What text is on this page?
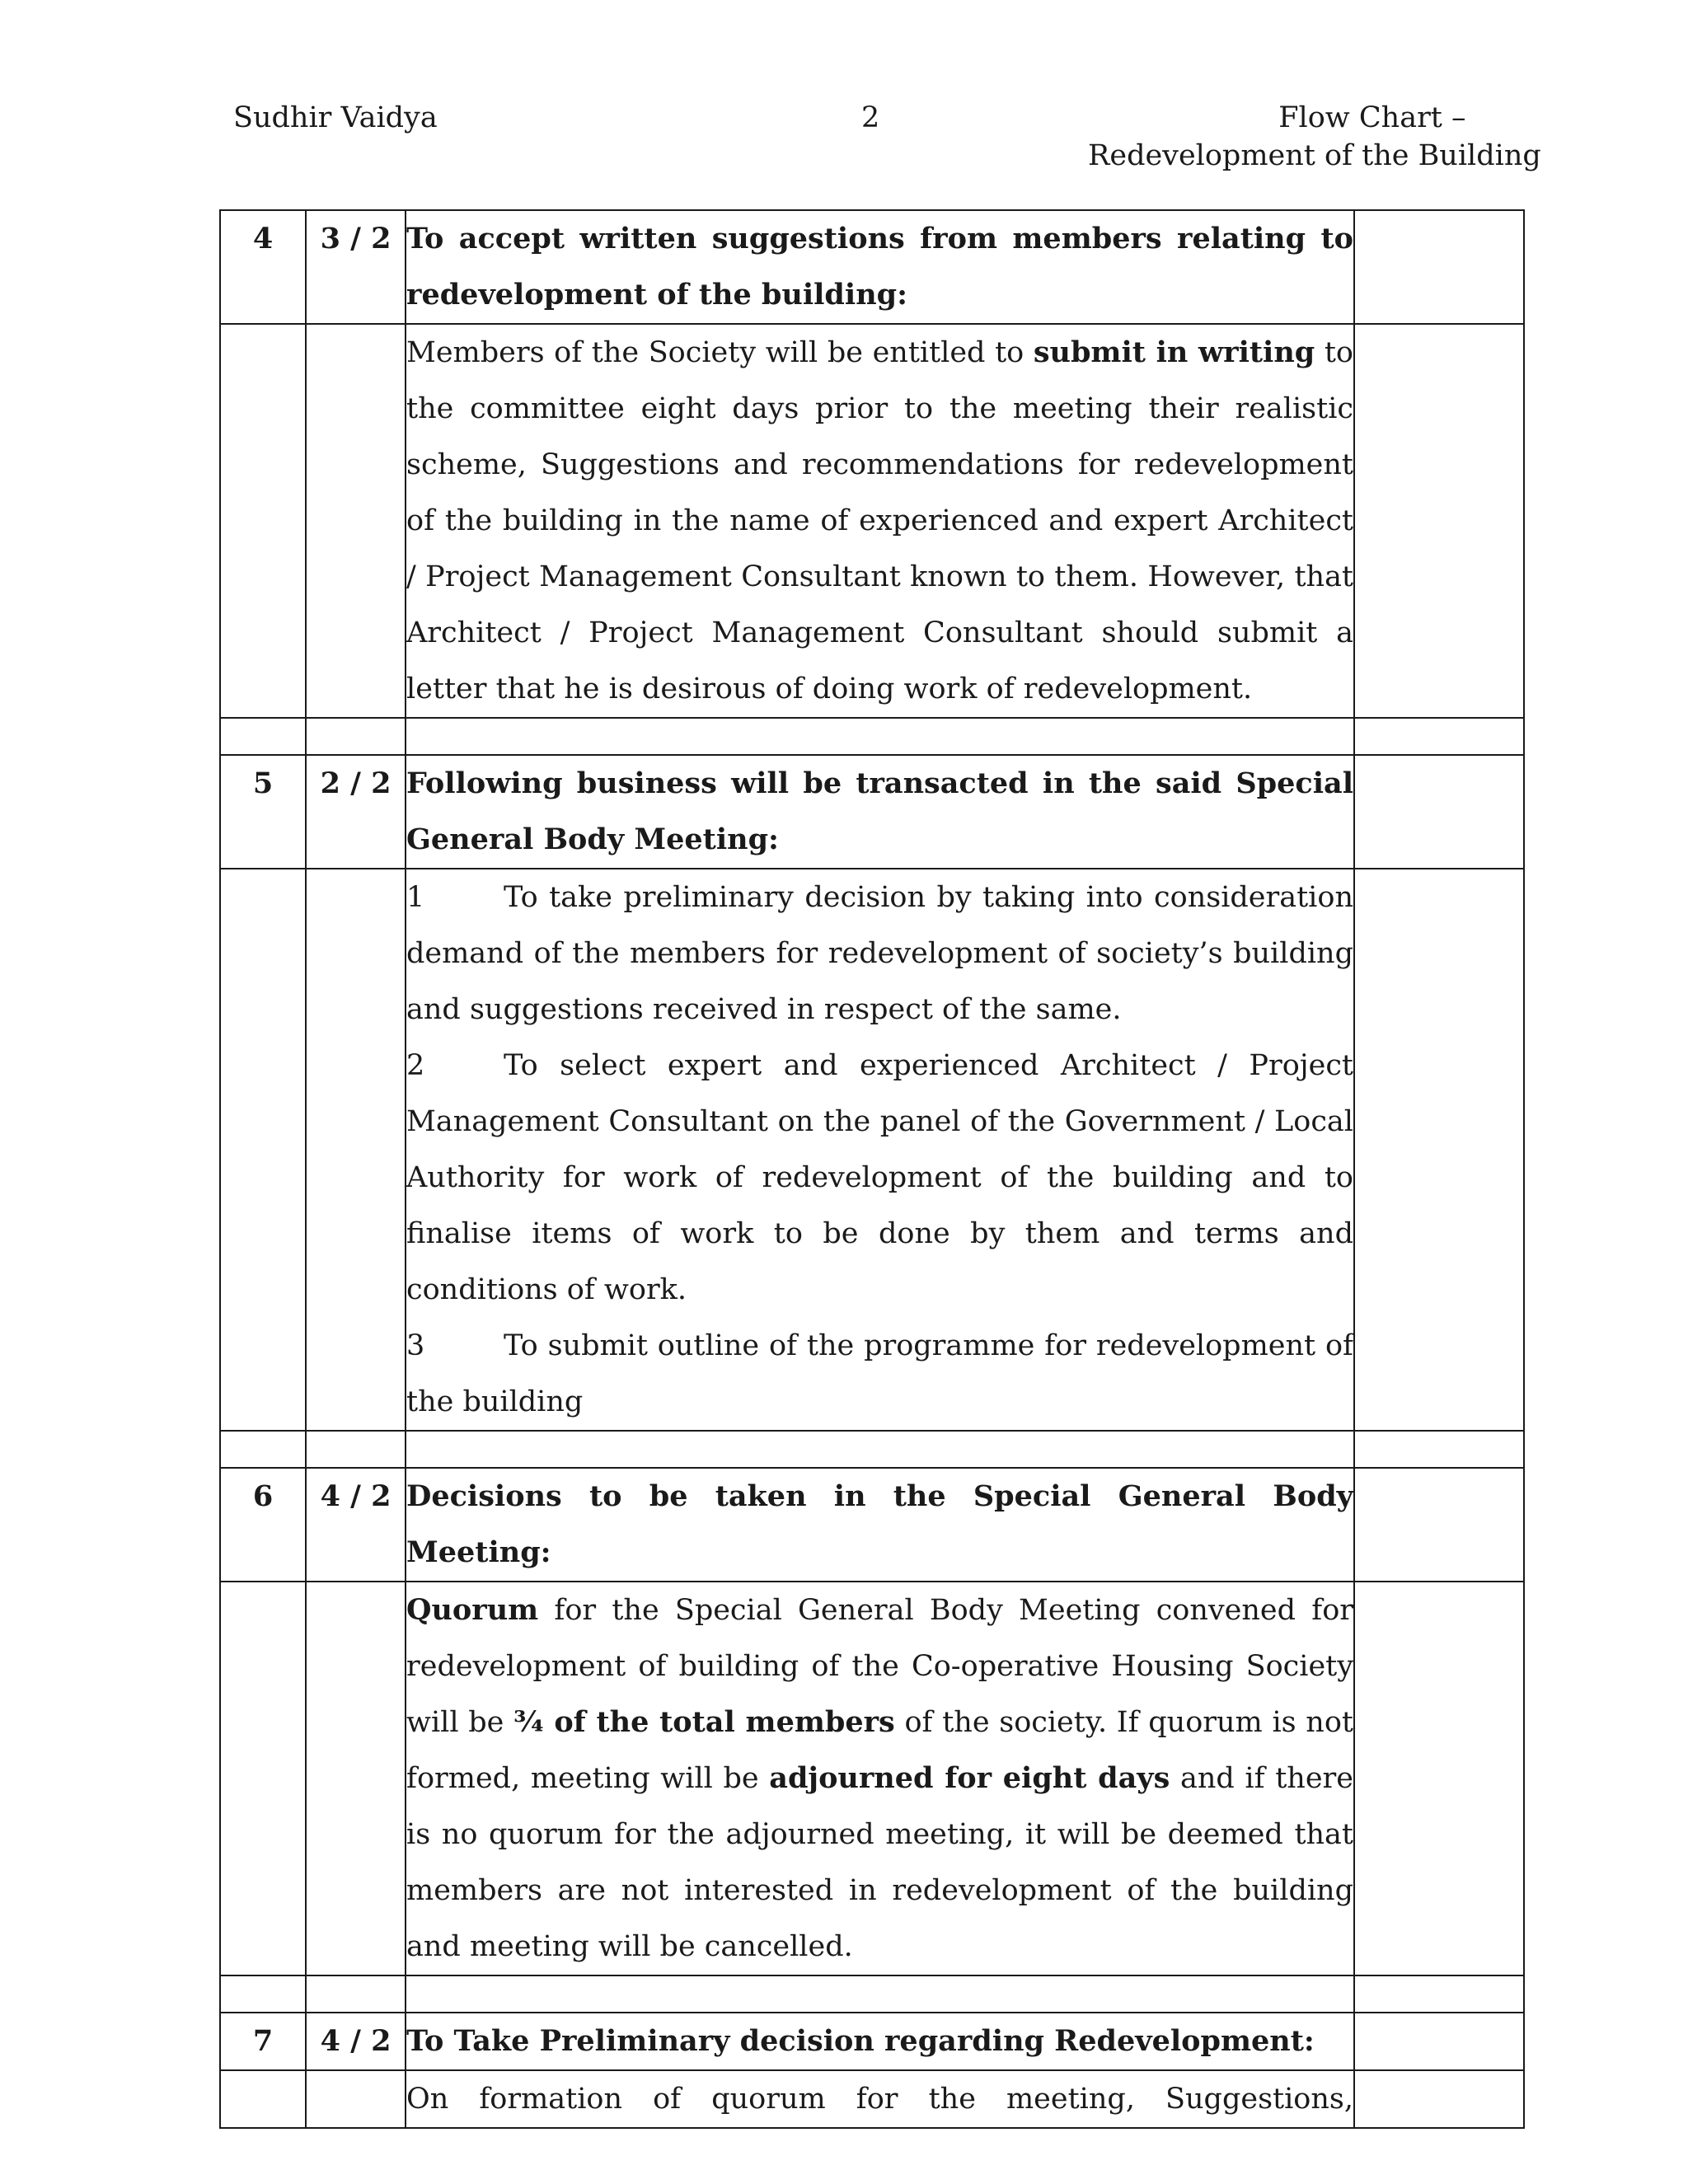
Sudhir Vaidya	2	Flow Chart –
Redevelopment of the Building
4	3 / 2	To accept written suggestions from members relating to redevelopment of the building:	
		Members of the Society will be entitled to submit in writing to the committee eight days prior to the meeting their realistic scheme, Suggestions and recommendations for redevelopment of the building in the name of experienced and expert Architect / Project Management Consultant known to them. However, that Architect / Project Management Consultant should submit a letter that he is desirous of doing work of redevelopment.	

5	2 / 2	Following business will be transacted in the said Special General Body Meeting:	

		1 To take preliminary decision by taking into consideration demand of the members for redevelopment of society’s building and suggestions received in respect of the same.
2 To select expert and experienced Architect / Project Management Consultant on the panel of the Government / Local Authority for work of redevelopment of the building and to finalise items of work to be done by them and terms and conditions of work.
3 To submit outline of the programme for redevelopment of the building	

6	4 / 2	Decisions to be taken in the Special General Body Meeting:	
		Quorum for the Special General Body Meeting convened for redevelopment of building of the Co-operative Housing Society will be ¾ of the total members of the society. If quorum is not formed, meeting will be adjourned for eight days and if there is no quorum for the adjourned meeting, it will be deemed that members are not interested in redevelopment of the building and meeting will be cancelled.	

7	4 / 2	To Take Preliminary decision regarding Redevelopment:	
		On formation of quorum for the meeting, Suggestions,	
